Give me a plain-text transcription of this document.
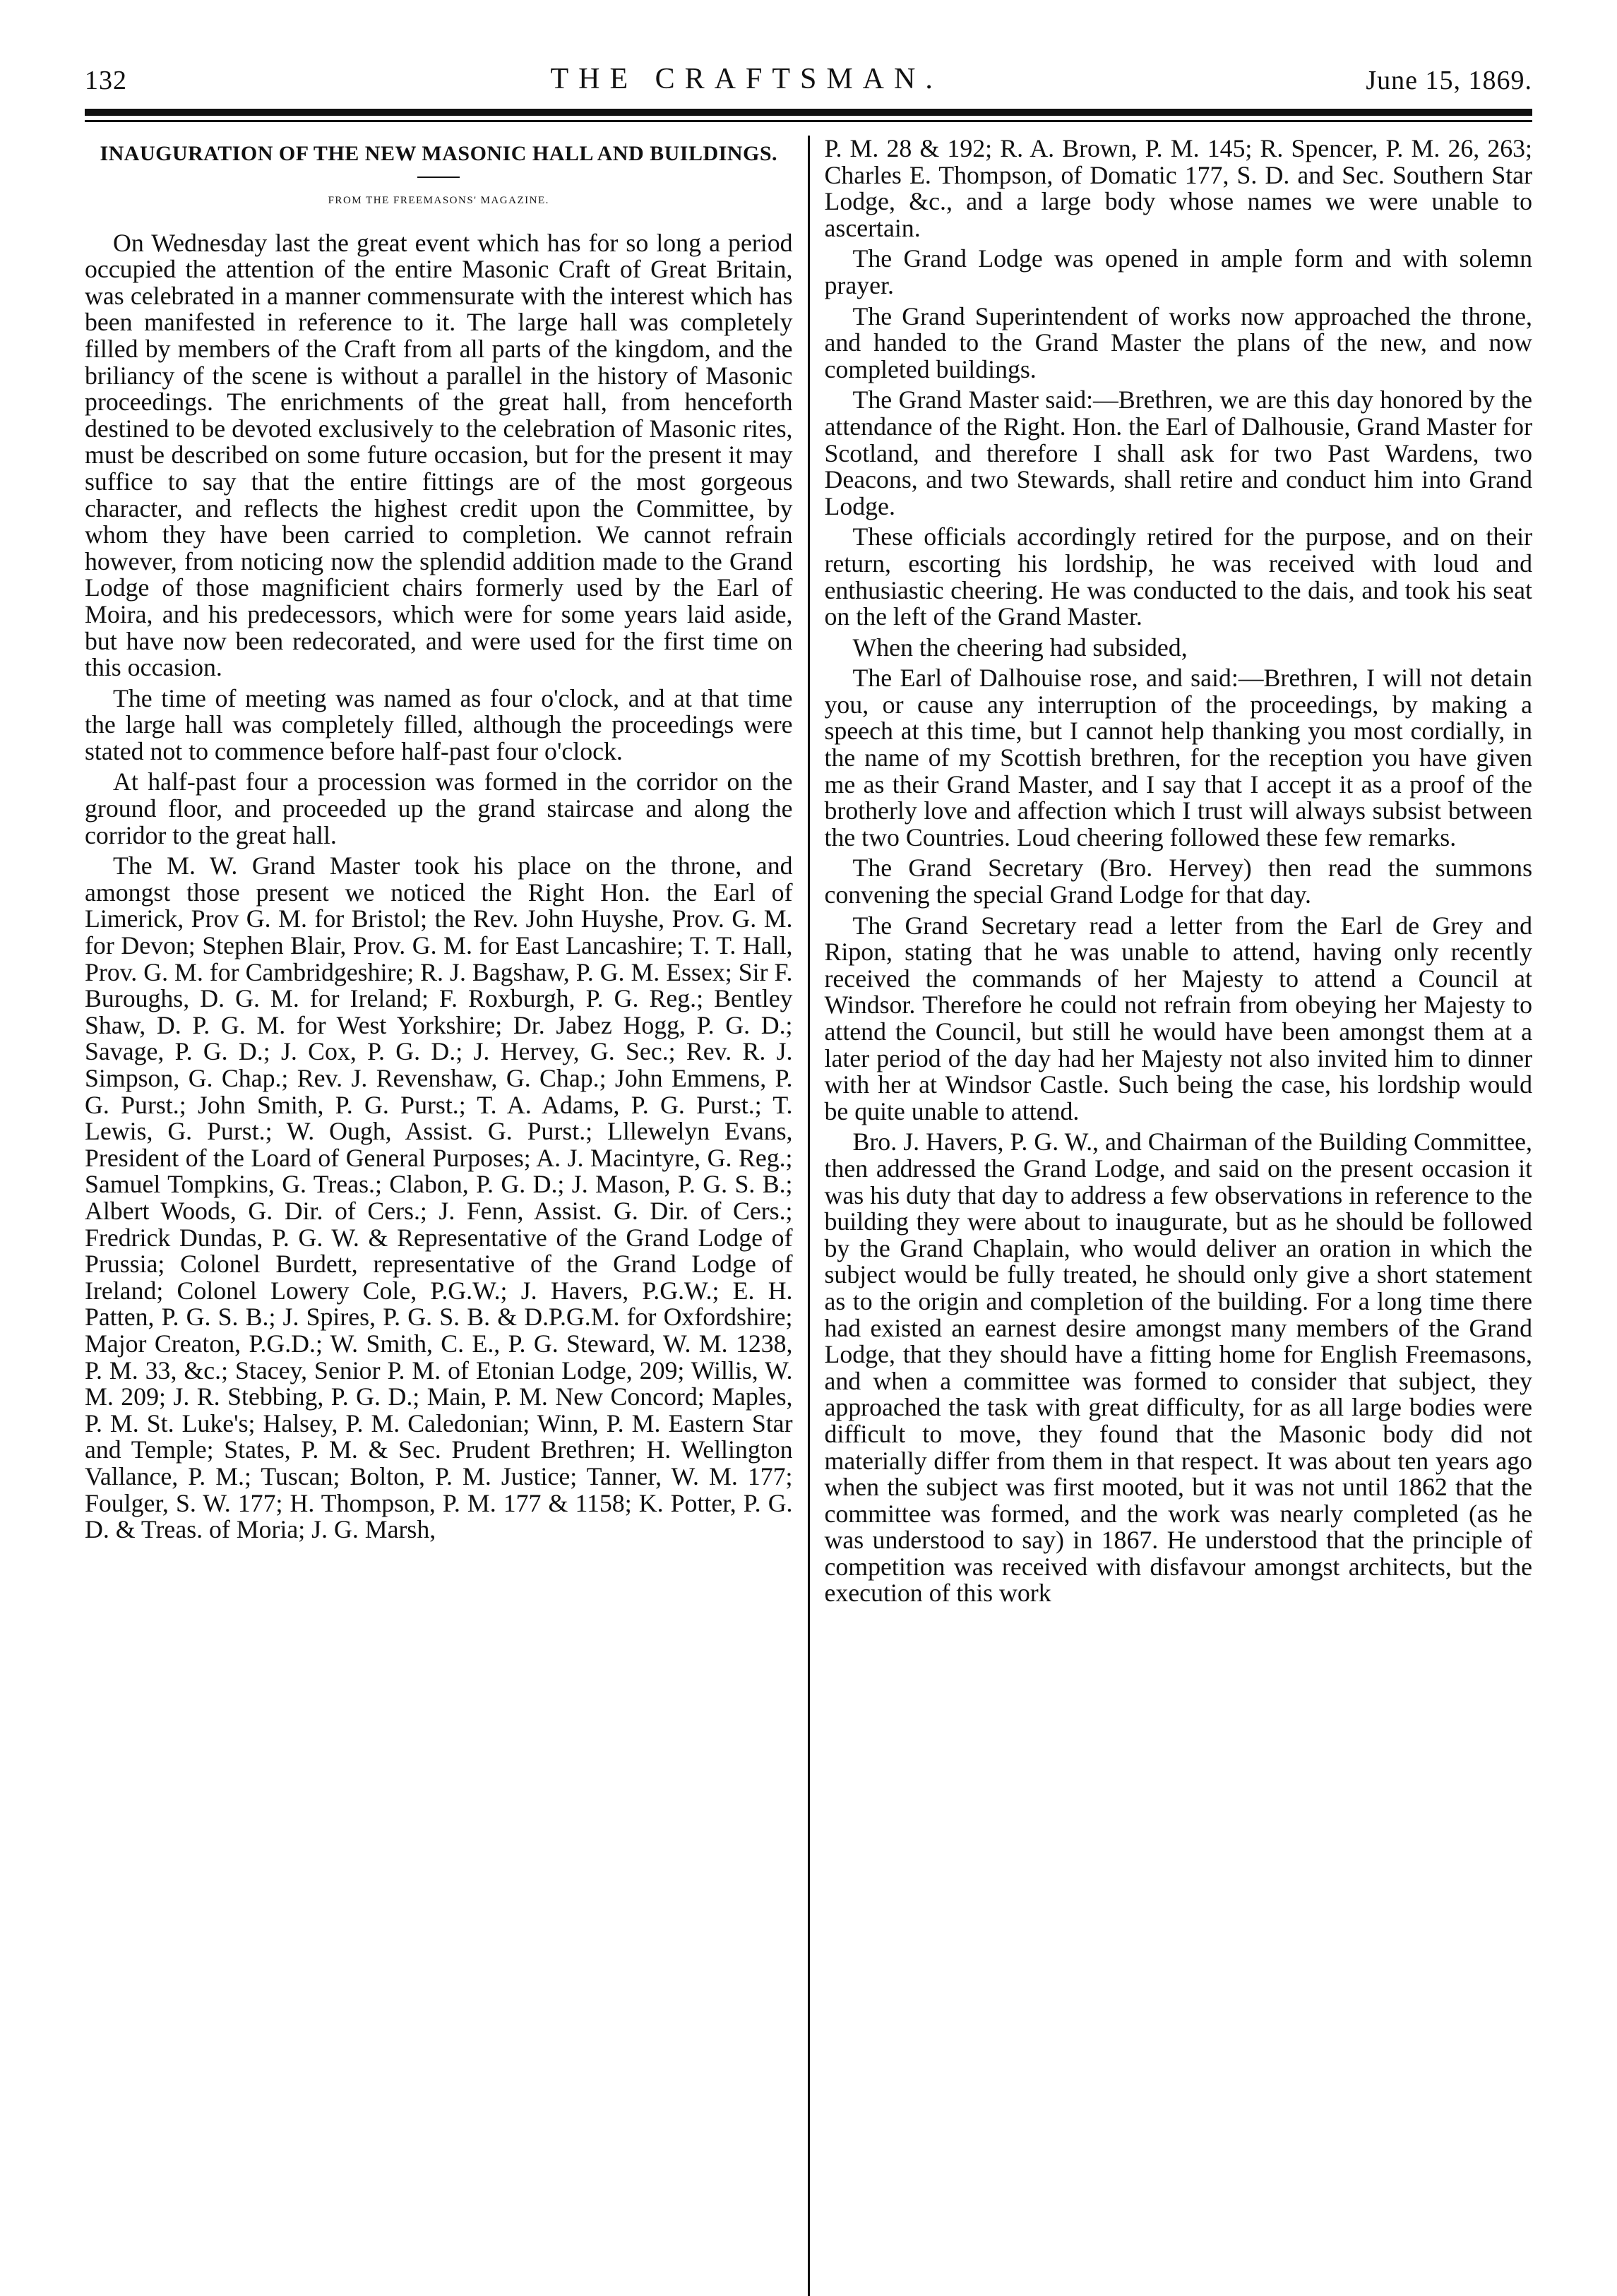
132	THE CRAFTSMAN.	June 15, 1869.
INAUGURATION OF THE NEW MASONIC HALL AND BUILDINGS.
FROM THE FREEMASONS' MAGAZINE.

On Wednesday last the great event which has for so long a period occupied the attention of the entire Masonic Craft of Great Britain, was celebrated in a manner commensurate with the interest which has been manifested in reference to it. The large hall was completely filled by members of the Craft from all parts of the kingdom, and the briliancy of the scene is without a parallel in the history of Masonic proceedings. The enrichments of the great hall, from henceforth destined to be devoted exclusively to the celebration of Masonic rites, must be described on some future occasion, but for the present it may suffice to say that the entire fittings are of the most gorgeous character, and reflects the highest credit upon the Committee, by whom they have been carried to completion. We cannot refrain however, from noticing now the splendid addition made to the Grand Lodge of those magnificient chairs formerly used by the Earl of Moira, and his predecessors, which were for some years laid aside, but have now been redecorated, and were used for the first time on this occasion.

The time of meeting was named as four o'clock, and at that time the large hall was completely filled, although the proceedings were stated not to commence before half-past four o'clock.

At half-past four a procession was formed in the corridor on the ground floor, and proceeded up the grand staircase and along the corridor to the great hall.

The M. W. Grand Master took his place on the throne, and amongst those present we noticed the Right Hon. the Earl of Limerick, Prov G. M. for Bristol; the Rev. John Huyshe, Prov. G. M. for Devon; Stephen Blair, Prov. G. M. for East Lancashire; T. T. Hall, Prov. G. M. for Cambridgeshire; R. J. Bagshaw, P. G. M. Essex; Sir F. Buroughs, D. G. M. for Ireland; F. Roxburgh, P. G. Reg.; Bentley Shaw, D. P. G. M. for West Yorkshire; Dr. Jabez Hogg, P. G. D.; Savage, P. G. D.; J. Cox, P. G. D.; J. Hervey, G. Sec.; Rev. R. J. Simpson, G. Chap.; Rev. J. Revenshaw, G. Chap.; John Emmens, P. G. Purst.; John Smith, P. G. Purst.; T. A. Adams, P. G. Purst.; T. Lewis, G. Purst.; W. Ough, Assist. G. Purst.; Lllewelyn Evans, President of the Loard of General Purposes; A. J. Macintyre, G. Reg.; Samuel Tompkins, G. Treas.; Clabon, P. G. D.; J. Mason, P. G. S. B.; Albert Woods, G. Dir. of Cers.; J. Fenn, Assist. G. Dir. of Cers.; Fredrick Dundas, P. G. W. & Representative of the Grand Lodge of Prussia; Colonel Burdett, representative of the Grand Lodge of Ireland; Colonel Lowery Cole, P.G.W.; J. Havers, P.G.W.; E. H. Patten, P. G. S. B.; J. Spires, P. G. S. B. & D.P.G.M. for Oxfordshire; Major Creaton, P.G.D.; W. Smith, C. E., P. G. Steward, W. M. 1238, P. M. 33, &c.; Stacey, Senior P. M. of Etonian Lodge, 209; Willis, W. M. 209; J. R. Stebbing, P. G. D.; Main, P. M. New Concord; Maples, P. M. St. Luke's; Halsey, P. M. Caledonian; Winn, P. M. Eastern Star and Temple; States, P. M. & Sec. Prudent Brethren; H. Wellington Vallance, P. M.; Tuscan; Bolton, P. M. Justice; Tanner, W. M. 177; Foulger, S. W. 177; H. Thompson, P. M. 177 & 1158; K. Potter, P. G. D. & Treas. of Moria; J. G. Marsh,

P. M. 28 & 192; R. A. Brown, P. M. 145; R. Spencer, P. M. 26, 263; Charles E. Thompson, of Domatic 177, S. D. and Sec. Southern Star Lodge, &c., and a large body whose names we were unable to ascertain.

The Grand Lodge was opened in ample form and with solemn prayer.

The Grand Superintendent of works now approached the throne, and handed to the Grand Master the plans of the new, and now completed buildings.

The Grand Master said:—Brethren, we are this day honored by the attendance of the Right. Hon. the Earl of Dalhousie, Grand Master for Scotland, and therefore I shall ask for two Past Wardens, two Deacons, and two Stewards, shall retire and conduct him into Grand Lodge.

These officials accordingly retired for the purpose, and on their return, escorting his lordship, he was received with loud and enthusiastic cheering. He was conducted to the dais, and took his seat on the left of the Grand Master.

When the cheering had subsided,

The Earl of Dalhouise rose, and said:—Brethren, I will not detain you, or cause any interruption of the proceedings, by making a speech at this time, but I cannot help thanking you most cordially, in the name of my Scottish brethren, for the reception you have given me as their Grand Master, and I say that I accept it as a proof of the brotherly love and affection which I trust will always subsist between the two Countries. Loud cheering followed these few remarks.

The Grand Secretary (Bro. Hervey) then read the summons convening the special Grand Lodge for that day.

The Grand Secretary read a letter from the Earl de Grey and Ripon, stating that he was unable to attend, having only recently received the commands of her Majesty to attend a Council at Windsor. Therefore he could not refrain from obeying her Majesty to attend the Council, but still he would have been amongst them at a later period of the day had her Majesty not also invited him to dinner with her at Windsor Castle. Such being the case, his lordship would be quite unable to attend.

Bro. J. Havers, P. G. W., and Chairman of the Building Committee, then addressed the Grand Lodge, and said on the present occasion it was his duty that day to address a few observations in reference to the building they were about to inaugurate, but as he should be followed by the Grand Chaplain, who would deliver an oration in which the subject would be fully treated, he should only give a short statement as to the origin and completion of the building. For a long time there had existed an earnest desire amongst many members of the Grand Lodge, that they should have a fitting home for English Freemasons, and when a committee was formed to consider that subject, they approached the task with great difficulty, for as all large bodies were difficult to move, they found that the Masonic body did not materially differ from them in that respect. It was about ten years ago when the subject was first mooted, but it was not until 1862 that the committee was formed, and the work was nearly completed (as he was understood to say) in 1867. He understood that the principle of competition was received with disfavour amongst architects, but the execution of this work
